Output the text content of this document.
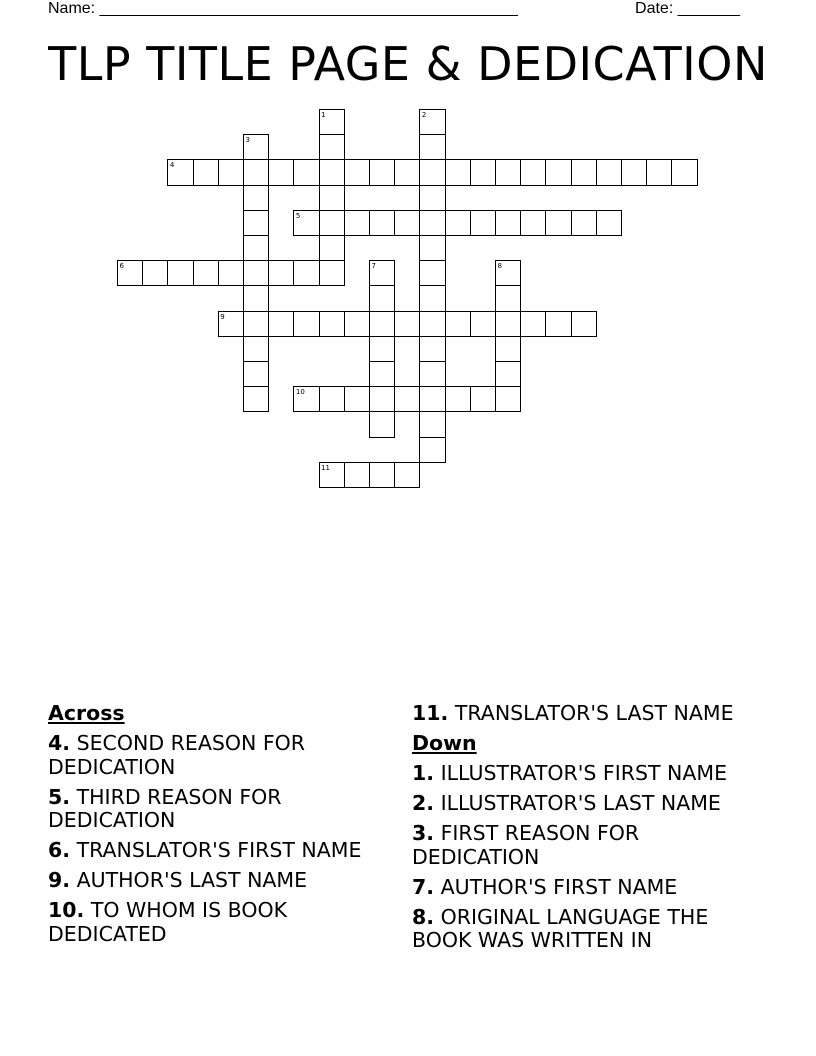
Name: _______________________________________________	Date: _______
TLP TITLE PAGE & DEDICATION
1	2
3
4
5
6	7	8
9
10
11
Across
4. SECOND REASON FOR DEDICATION
5. THIRD REASON FOR DEDICATION
6. TRANSLATOR'S FIRST NAME
9. AUTHOR'S LAST NAME
10. TO WHOM IS BOOK DEDICATED
11. TRANSLATOR'S LAST NAME
Down
1. ILLUSTRATOR'S FIRST NAME
2. ILLUSTRATOR'S LAST NAME
3. FIRST REASON FOR DEDICATION
7. AUTHOR'S FIRST NAME
8. ORIGINAL LANGUAGE THE BOOK WAS WRITTEN IN
